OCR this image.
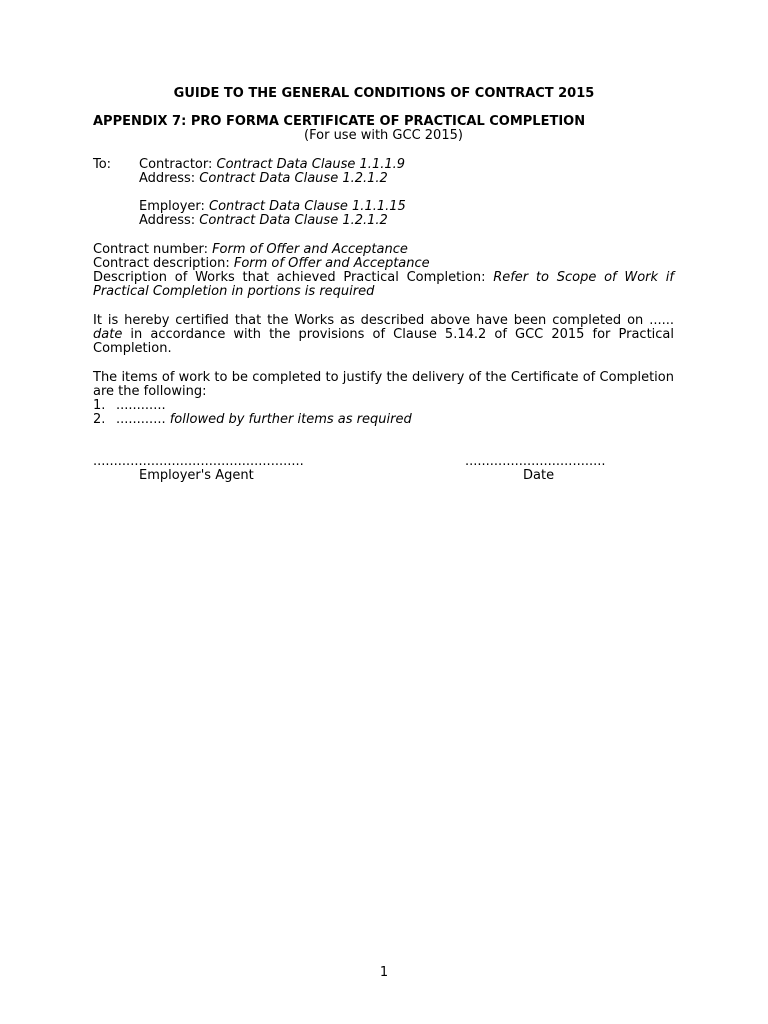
GUIDE TO THE GENERAL CONDITIONS OF CONTRACT 2015
APPENDIX 7: PRO FORMA CERTIFICATE OF PRACTICAL COMPLETION
(For use with GCC 2015)
To: Contractor: Contract Data Clause 1.1.1.9
Address: Contract Data Clause 1.2.1.2
Employer: Contract Data Clause 1.1.1.15
Address: Contract Data Clause 1.2.1.2
Contract number: Form of Offer and Acceptance
Contract description: Form of Offer and Acceptance
Description of Works that achieved Practical Completion: Refer to Scope of Work if
Practical Completion in portions is required
It is hereby certified that the Works as described above have been completed on ......
date in accordance with the provisions of Clause 5.14.2 of GCC 2015 for Practical
Completion.
The items of work to be completed to justify the delivery of the Certificate of Completion
are the following:
1. ............
2. ............ followed by further items as required
...................................................
Employer's Agent
..................................
Date
1
